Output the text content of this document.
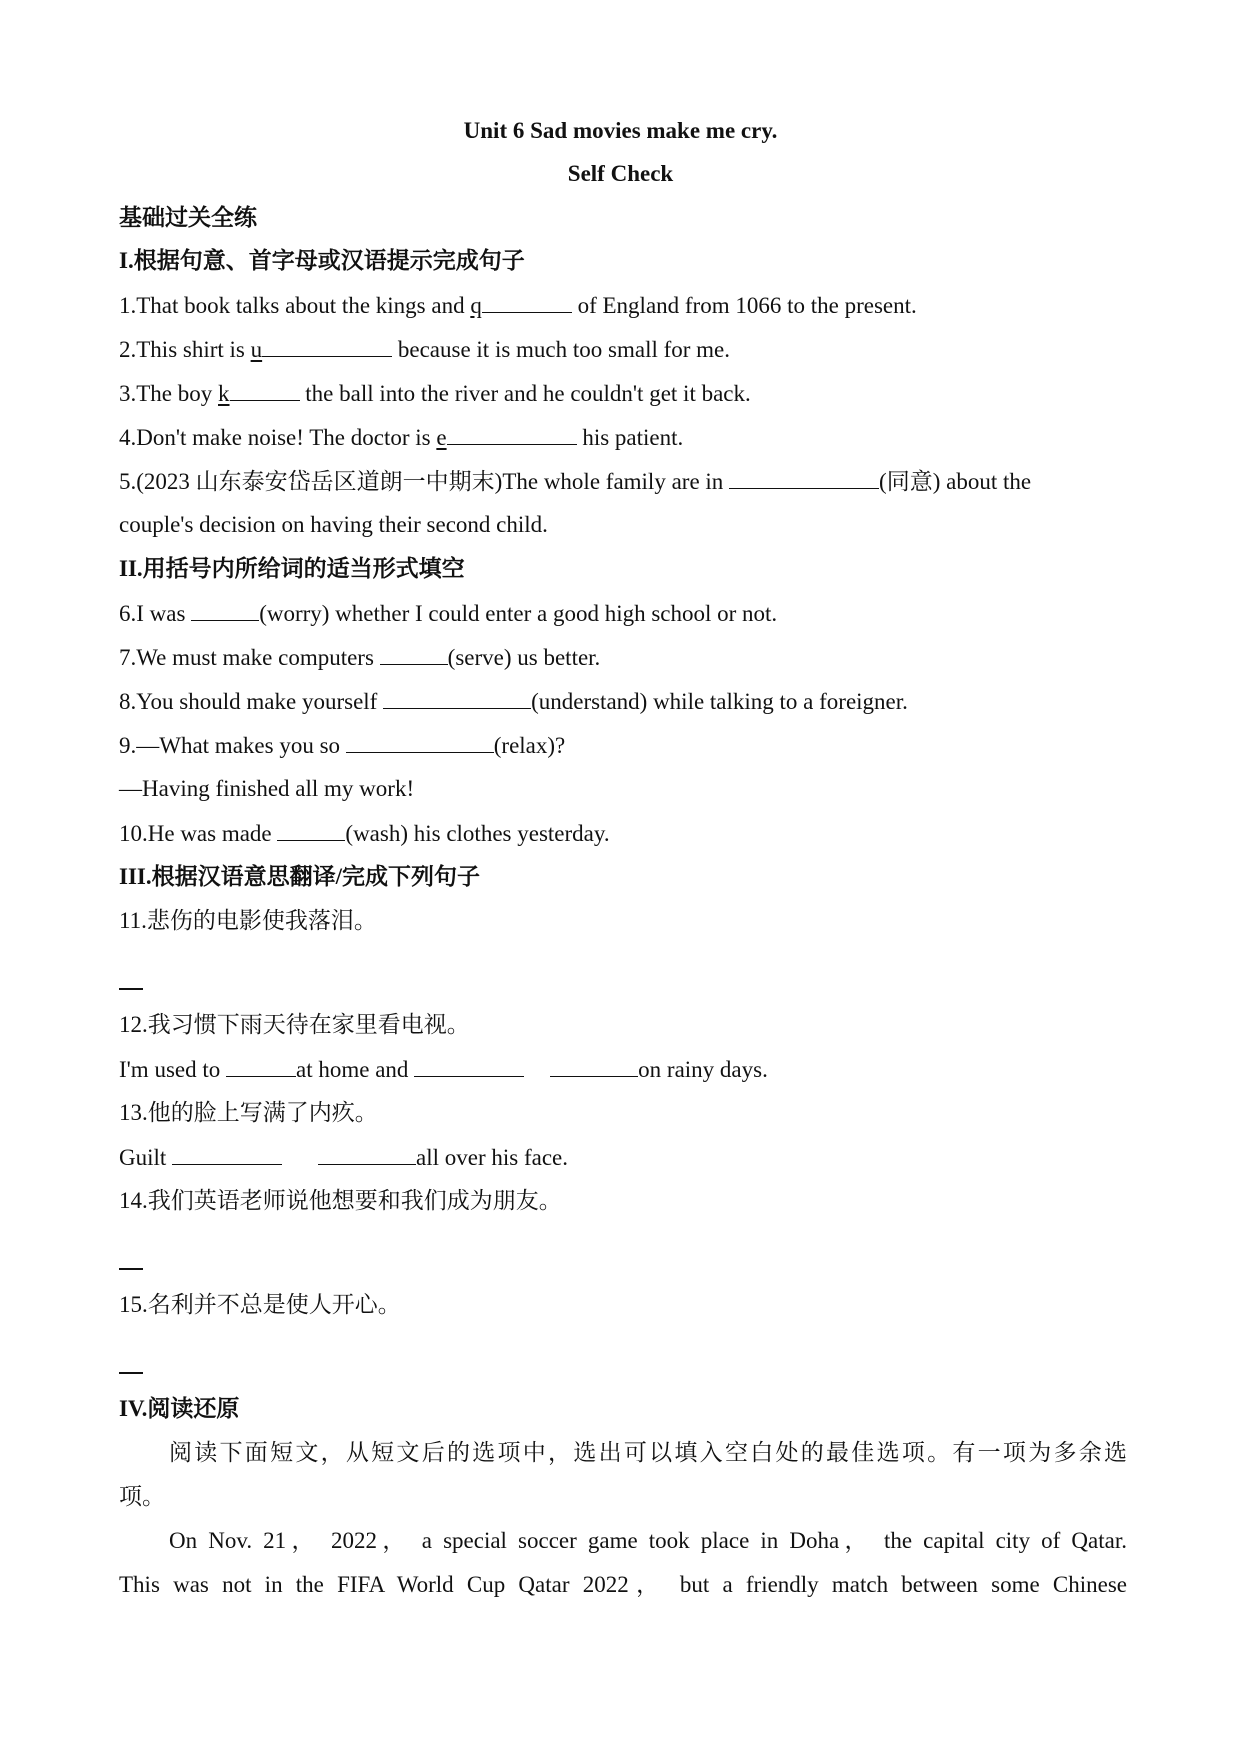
Unit 6 Sad movies make me cry.
Self Check
基础过关全练
I.根据句意、首字母或汉语提示完成句子
1.That book talks about the kings and q	of England from 1066 to the present.
2.This shirt is u	because it is much too small for me.
3.The boy k	the ball into the river and he couldn't get it back.
4.Don't make noise! The doctor is e	his patient.
5.(2023 山东泰安岱岳区道朗一中期末)The whole family are in	(同意) about the
couple's decision on having their second child.
II.用括号内所给词的适当形式填空
6.I was	(worry) whether I could enter a good high school or not.
7.We must make computers	(serve) us better.
8.You should make yourself	(understand) while talking to a foreigner.
9.—What makes you so	(relax)?
—Having finished all my work!
10.He was made	(wash) his clothes yesterday.
III.根据汉语意思翻译/完成下列句子
11.悲伤的电影使我落泪。
12.我习惯下雨天待在家里看电视。
I'm used to	at home and	on rainy days.
13.他的脸上写满了内疚。
Guilt	all over his face.
14.我们英语老师说他想要和我们成为朋友。
15.名利并不总是使人开心。
IV.阅读还原
阅读下面短文，从短文后的选项中，选出可以填入空白处的最佳选项。有一项为多余选
项。
On Nov. 21， 2022， a special soccer game took place in Doha， the capital city of Qatar.
This was not in the FIFA World Cup Qatar 2022， but a friendly match between some Chinese
